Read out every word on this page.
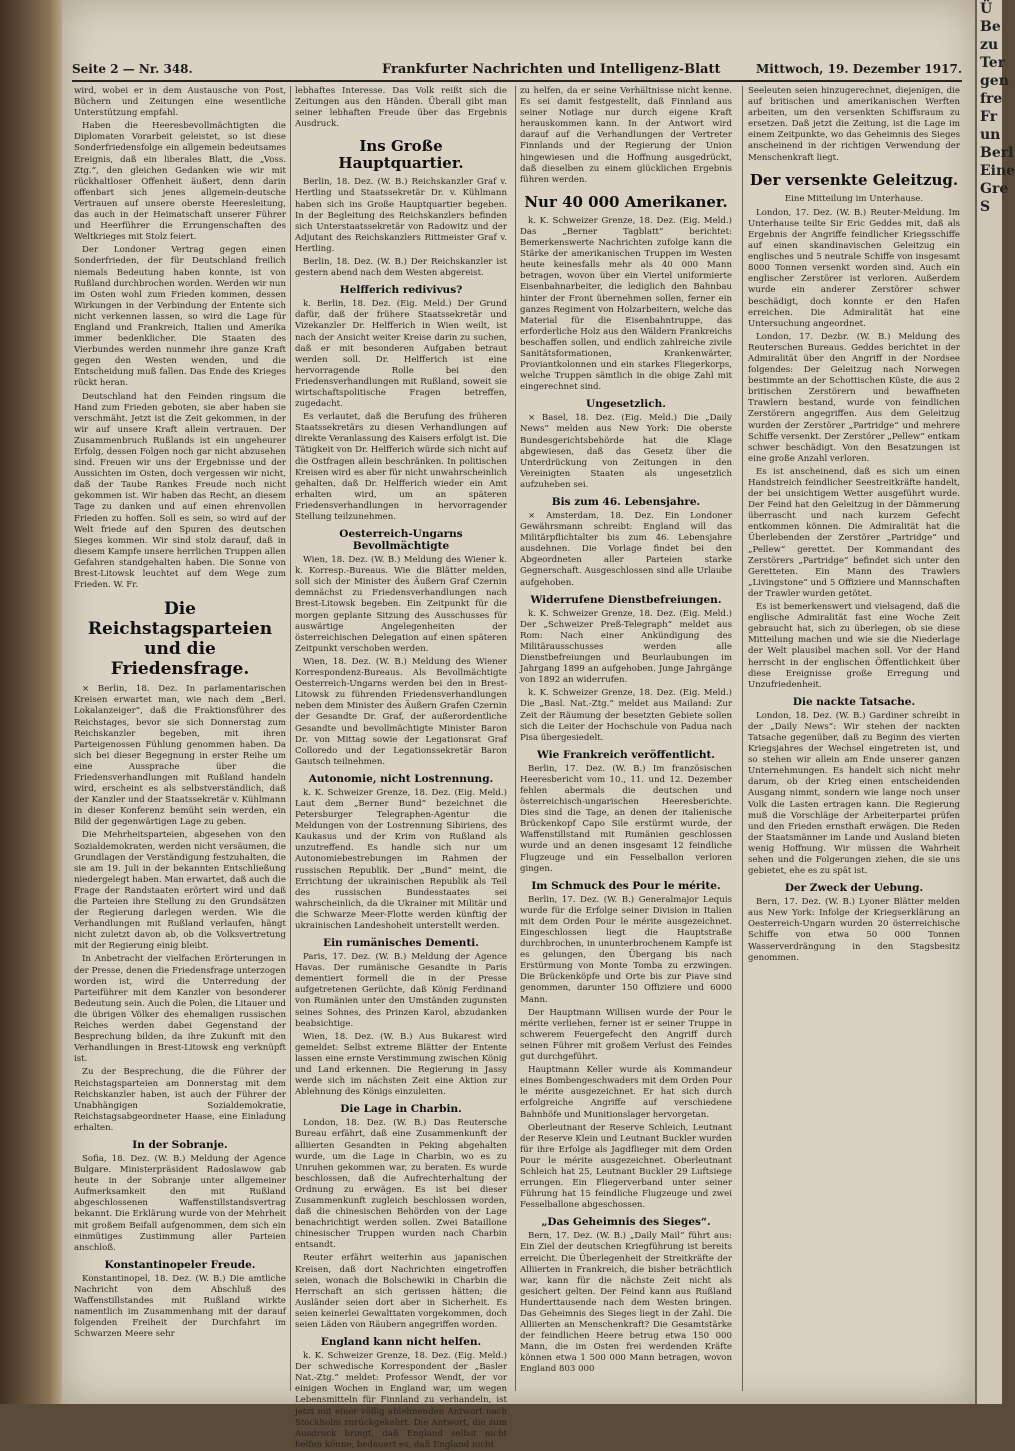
Seite 2 — Nr. 348.	Frankfurter Nachrichten und Intelligenz-Blatt	Mittwoch, 19. Dezember 1917.

wird, wobei er in dem Austausche von Post, Büchern und Zeitungen eine wesentliche Unterstützung empfahl.

Haben die Heeresbevollmächtigten die Diplomaten Vorarbeit geleistet, so ist diese Sonderfriedensfolge ein allgemein bedeutsames Ereignis, daß ein liberales Blatt, die „Voss. Ztg.“, den gleichen Gedanken wie wir mit rückhaltloser Offenheit äußert, denn darin offenbart sich jenes allgemein-deutsche Vertrauen auf unsere oberste Heeresleitung, das auch in der Heimatschaft unserer Führer und Heerführer die Errungenschaften des Weltkrieges mit Stolz feiert.

Der Londoner Vertrag gegen einen Sonderfrieden, der für Deutschland freilich niemals Bedeutung haben konnte, ist von Rußland durchbrochen worden. Werden wir nun im Osten wohl zum Frieden kommen, dessen Wirkungen in der Verbindung der Entente sich nicht verkennen lassen, so wird die Lage für England und Frankreich, Italien und Amerika immer bedenklicher. Die Staaten des Vierbundes werden nunmehr ihre ganze Kraft gegen den Westen wenden, und die Entscheidung muß fallen. Das Ende des Krieges rückt heran.

Deutschland hat den Feinden ringsum die Hand zum Frieden geboten, sie aber haben sie verschmäht. Jetzt ist die Zeit gekommen, in der wir auf unsere Kraft allein vertrauen. Der Zusammenbruch Rußlands ist ein ungeheurer Erfolg, dessen Folgen noch gar nicht abzusehen sind. Freuen wir uns der Ergebnisse und der Aussichten im Osten, doch vergessen wir nicht, daß der Taube Rankes Freude noch nicht gekommen ist. Wir haben das Recht, an diesem Tage zu danken und auf einen ehrenvollen Frieden zu hoffen. Soll es sein, so wird auf der Welt friede auf den Spuren des deutschen Sieges kommen. Wir sind stolz darauf, daß in diesem Kampfe unsere herrlichen Truppen allen Gefahren standgehalten haben. Die Sonne von Brest-Litowsk leuchtet auf dem Wege zum Frieden. W. Fr.

Die Reichstagsparteien und die Friedensfrage.

× Berlin, 18. Dez. In parlamentarischen Kreisen erwartet man, wie nach dem „Berl. Lokalanzeiger“, daß die Fraktionsführer des Reichstages, bevor sie sich Donnerstag zum Reichskanzler begeben, mit ihren Parteigenossen Fühlung genommen haben. Da sich bei dieser Begegnung in erster Reihe um eine Aussprache über die Friedensverhandlungen mit Rußland handeln wird, erscheint es als selbstverständlich, daß der Kanzler und der Staatssekretär v. Kühlmann in dieser Konferenz bemüht sein werden, ein Bild der gegenwärtigen Lage zu geben.

Die Mehrheitsparteien, abgesehen von den Sozialdemokraten, werden nicht versäumen, die Grundlagen der Verständigung festzuhalten, die sie am 19. Juli in der bekannten Entschließung niedergelegt haben. Man erwartet, daß auch die Frage der Randstaaten erörtert wird und daß die Parteien ihre Stellung zu den Grundsätzen der Regierung darlegen werden. Wie die Verhandlungen mit Rußland verlaufen, hängt nicht zuletzt davon ab, ob die Volksvertretung mit der Regierung einig bleibt.

In Anbetracht der vielfachen Erörterungen in der Presse, denen die Friedensfrage unterzogen worden ist, wird die Unterredung der Parteiführer mit dem Kanzler von besonderer Bedeutung sein. Auch die Polen, die Litauer und die übrigen Völker des ehemaligen russischen Reiches werden dabei Gegenstand der Besprechung bilden, da ihre Zukunft mit den Verhandlungen in Brest-Litowsk eng verknüpft ist.

Zu der Besprechung, die die Führer der Reichstagsparteien am Donnerstag mit dem Reichskanzler haben, ist auch der Führer der Unabhängigen Sozialdemokratie, Reichstagsabgeordneter Haase, eine Einladung erhalten.

In der Sobranje.

Sofia, 18. Dez. (W. B.) Meldung der Agence Bulgare. Ministerpräsident Radoslawow gab heute in der Sobranje unter allgemeiner Aufmerksamkeit den mit Rußland abgeschlossenen Waffenstillstandsvertrag bekannt. Die Erklärung wurde von der Mehrheit mit großem Beifall aufgenommen, dem sich ein einmütiges Zustimmung aller Parteien anschloß.

Konstantinopeler Freude.

Konstantinopel, 18. Dez. (W. B.) Die amtliche Nachricht von dem Abschluß des Waffenstillstandes mit Rußland wirkte namentlich im Zusammenhang mit der darauf folgenden Freiheit der Durchfahrt im Schwarzen Meere sehr

lebhaftes Interesse. Das Volk reißt sich die Zeitungen aus den Händen. Überall gibt man seiner lebhaften Freude über das Ergebnis Ausdruck.

Ins Große Hauptquartier.

Berlin, 18. Dez. (W. B.) Reichskanzler Graf v. Hertling und Staatssekretär Dr. v. Kühlmann haben sich ins Große Hauptquartier begeben. In der Begleitung des Reichskanzlers befinden sich Unterstaatssekretär von Radowitz und der Adjutant des Reichskanzlers Rittmeister Graf v. Hertling.

Berlin, 18. Dez. (W. B.) Der Reichskanzler ist gestern abend nach dem Westen abgereist.

Helfferich redivivus?

k. Berlin, 18. Dez. (Eig. Meld.) Der Grund dafür, daß der frühere Staatssekretär und Vizekanzler Dr. Helfferich in Wien weilt, ist nach der Ansicht weiter Kreise darin zu suchen, daß er mit besonderen Aufgaben betraut werden soll. Dr. Helfferich ist eine hervorragende Rolle bei den Friedensverhandlungen mit Rußland, soweit sie wirtschaftspolitische Fragen betreffen, zugedacht.

Es verlautet, daß die Berufung des früheren Staatssekretärs zu diesen Verhandlungen auf direkte Veranlassung des Kaisers erfolgt ist. Die Tätigkeit von Dr. Helfferich würde sich nicht auf die Ostfragen allein beschränken. In politischen Kreisen wird es aber für nicht unwahrscheinlich gehalten, daß Dr. Helfferich wieder ein Amt erhalten wird, um an späteren Friedensverhandlungen in hervorragender Stellung teilzunehmen.

Oesterreich-Ungarns Bevollmächtigte

Wien, 18. Dez. (W. B.) Meldung des Wiener k. k. Korresp.-Bureaus. Wie die Blätter melden, soll sich der Minister des Äußern Graf Czernin demnächst zu Friedensverhandlungen nach Brest-Litowsk begeben. Ein Zeitpunkt für die morgen geplante Sitzung des Ausschusses für auswärtige Angelegenheiten der österreichischen Delegation auf einen späteren Zeitpunkt verschoben werden.

Wien, 18. Dez. (W. B.) Meldung des Wiener Korrespondenz-Bureaus. Als Bevollmächtigte Oesterreich-Ungarns werden bei den in Brest-Litowsk zu führenden Friedensverhandlungen neben dem Minister des Äußern Grafen Czernin der Gesandte Dr. Graf, der außerordentliche Gesandte und bevollmächtigte Minister Baron Dr. von Mittag sowie der Legationsrat Graf Colloredo und der Legationssekretär Baron Gautsch teilnehmen.

Autonomie, nicht Lostrennung.

k. K. Schweizer Grenze, 18. Dez. (Eig. Meld.) Laut dem „Berner Bund“ bezeichnet die Petersburger Telegraphen-Agentur die Meldungen von der Lostrennung Sibiriens, des Kaukasus und der Krim von Rußland als unzutreffend. Es handle sich nur um Autonomiebestrebungen im Rahmen der russischen Republik. Der „Bund“ meint, die Errichtung der ukrainischen Republik als Teil des russischen Bundesstaates sei wahrscheinlich, da die Ukrainer mit Militär und die Schwarze Meer-Flotte werden künftig der ukrainischen Landeshoheit unterstellt werden.

Ein rumänisches Dementi.

Paris, 17. Dez. (W. B.) Meldung der Agence Havas. Der rumänische Gesandte in Paris dementiert formell die in der Presse aufgetretenen Gerüchte, daß König Ferdinand von Rumänien unter den Umständen zugunsten seines Sohnes, des Prinzen Karol, abzudanken beabsichtige.

Wien, 18. Dez. (W. B.) Aus Bukarest wird gemeldet: Selbst extreme Blätter der Entente lassen eine ernste Verstimmung zwischen König und Land erkennen. Die Regierung in Jassy werde sich im nächsten Zeit eine Aktion zur Ablehnung des Königs einzuleiten.

Die Lage in Charbin.

London, 18. Dez. (W. B.) Das Reutersche Bureau erfährt, daß eine Zusammenkunft der alliierten Gesandten in Peking abgehalten wurde, um die Lage in Charbin, wo es zu Unruhen gekommen war, zu beraten. Es wurde beschlossen, daß die Aufrechterhaltung der Ordnung zu erwägen. Es ist bei dieser Zusammenkunft zugleich beschlossen worden, daß die chinesischen Behörden von der Lage benachrichtigt werden sollen. Zwei Bataillone chinesischer Truppen wurden nach Charbin entsandt.

Reuter erfährt weiterhin aus japanischen Kreisen, daß dort Nachrichten eingetroffen seien, wonach die Bolschewiki in Charbin die Herrschaft an sich gerissen hätten; die Ausländer seien dort aber in Sicherheit. Es seien keinerlei Gewalttaten vorgekommen, doch seien Läden von Räubern angegriffen worden.

England kann nicht helfen.

k. K. Schweizer Grenze, 18. Dez. (Eig. Meld.) Der schwedische Korrespondent der „Basler Nat.-Ztg.“ meldet: Professor Wendt, der vor einigen Wochen in England war, um wegen Lebensmitteln für Finnland zu verhandeln, ist jetzt mit einer völlig ablehnenden Antwort nach Stockholm zurückgekehrt. Die Antwort, die zum Ausdruck bringt, daß England selbst nicht helfen könne, bedauert es, daß England nicht

zu helfen, da er seine Verhältnisse nicht kenne. Es sei damit festgestellt, daß Finnland aus seiner Notlage nur durch eigene Kraft herauskommen kann. In der Antwort wird darauf auf die Verhandlungen der Vertreter Finnlands und der Regierung der Union hingewiesen und die Hoffnung ausgedrückt, daß dieselben zu einem glücklichen Ergebnis führen werden.

Nur 40 000 Amerikaner.

k. K. Schweizer Grenze, 18. Dez. (Eig. Meld.) Das „Berner Tagblatt“ berichtet: Bemerkenswerte Nachrichten zufolge kann die Stärke der amerikanischen Truppen im Westen heute keinesfalls mehr als 40 000 Mann betragen, wovon über ein Viertel uniformierte Eisenbahnarbeiter, die lediglich den Bahnbau hinter der Front übernehmen sollen, ferner ein ganzes Regiment von Holzarbeitern, welche das Material für die Eisenbahntruppe, das erforderliche Holz aus den Wäldern Frankreichs beschaffen sollen, und endlich zahlreiche zivile Sanitätsformationen, Krankenwärter, Proviantkolonnen und ein starkes Fliegerkorps, welche Truppen sämtlich in die obige Zahl mit eingerechnet sind.

Ungesetzlich.

× Basel, 18. Dez. (Eig. Meld.) Die „Daily News“ melden aus New York: Die oberste Bundesgerichtsbehörde hat die Klage abgewiesen, daß das Gesetz über die Unterdrückung von Zeitungen in den Vereinigten Staaten als ungesetzlich aufzuheben sei.

Bis zum 46. Lebensjahre.

× Amsterdam, 18. Dez. Ein Londoner Gewährsmann schreibt: England will das Militärpflichtalter bis zum 46. Lebensjahre ausdehnen. Die Vorlage findet bei den Abgeordneten aller Parteien starke Gegnerschaft. Ausgeschlossen sind alle Urlaube aufgehoben.

Widerrufene Dienstbefreiungen.

k. K. Schweizer Grenze, 18. Dez. (Eig. Meld.) Der „Schweizer Preß-Telegraph“ meldet aus Rom: Nach einer Ankündigung des Militärausschusses werden alle Dienstbefreiungen und Beurlaubungen im Jahrgang 1899 an aufgehoben. Junge Jahrgänge von 1892 an widerrufen.

k. K. Schweizer Grenze, 18. Dez. (Eig. Meld.) Die „Basl. Nat.-Ztg.“ meldet aus Mailand: Zur Zeit der Räumung der besetzten Gebiete sollen sich die Leiter der Hochschule von Padua nach Pisa übergesiedelt.

Wie Frankreich veröffentlicht.

Berlin, 17. Dez. (W. B.) Im französischen Heeresbericht vom 10., 11. und 12. Dezember fehlen abermals die deutschen und österreichisch-ungarischen Heeresberichte. Dies sind die Tage, an denen der italienische Brückenkopf Capo Sile erstürmt wurde, der Waffenstillstand mit Rumänien geschlossen wurde und an denen insgesamt 12 feindliche Flugzeuge und ein Fesselballon verloren gingen.

Im Schmuck des Pour le mérite.

Berlin, 17. Dez. (W. B.) Generalmajor Lequis wurde für die Erfolge seiner Division in Italien mit dem Orden Pour le mérite ausgezeichnet. Eingeschlossen liegt die Hauptstraße durchbrochen, in ununterbrochenem Kampfe ist es gelungen, den Übergang bis nach Erstürmung von Monte Tomba zu erzwingen. Die Brückenköpfe und Orte bis zur Piave sind genommen, darunter 150 Offiziere und 6000 Mann.

Der Hauptmann Willisen wurde der Pour le mérite verliehen, ferner ist er seiner Truppe in schwerem Feuergefecht den Angriff durch seinen Führer mit großem Verlust des Feindes gut durchgeführt.

Hauptmann Keller wurde als Kommandeur eines Bombengeschwaders mit dem Orden Pour le mérite ausgezeichnet. Er hat sich durch erfolgreiche Angriffe auf verschiedene Bahnhöfe und Munitionslager hervorgetan.

Oberleutnant der Reserve Schleich, Leutnant der Reserve Klein und Leutnant Buckler wurden für ihre Erfolge als Jagdflieger mit dem Orden Pour le mérite ausgezeichnet. Oberleutnant Schleich hat 25, Leutnant Buckler 29 Luftsiege errungen. Ein Fliegerverband unter seiner Führung hat 15 feindliche Flugzeuge und zwei Fesselballone abgeschossen.

„Das Geheimnis des Sieges“.

Bern, 17. Dez. (W. B.) „Daily Mail“ führt aus: Ein Ziel der deutschen Kriegführung ist bereits erreicht. Die Überlegenheit der Streitkräfte der Alliierten in Frankreich, die bisher beträchtlich war, kann für die nächste Zeit nicht als gesichert gelten. Der Feind kann aus Rußland Hunderttausende nach dem Westen bringen. Das Geheimnis des Sieges liegt in der Zahl. Die Alliierten an Menschenkraft? Die Gesamtstärke der feindlichen Heere betrug etwa 150 000 Mann, die im Osten frei werdenden Kräfte können etwa 1 500 000 Mann betragen, wovon England 803 000

Seeleuten seien hinzugerechnet, diejenigen, die auf britischen und amerikanischen Werften arbeiten, um den versenkten Schiffsraum zu ersetzen. Daß jetzt die Zeitung, ist die Lage im einem Zeitpunkte, wo das Geheimnis des Sieges anscheinend in der richtigen Verwendung der Menschenkraft liegt.

Der versenkte Geleitzug.
Eine Mitteilung im Unterhause.

London, 17. Dez. (W. B.) Reuter-Meldung. Im Unterhause teilte Sir Eric Geddes mit, daß als Ergebnis der Angriffe feindlicher Kriegsschiffe auf einen skandinavischen Geleitzug ein englisches und 5 neutrale Schiffe von insgesamt 8000 Tonnen versenkt worden sind. Auch ein englischer Zerstörer ist verloren. Außerdem wurde ein anderer Zerstörer schwer beschädigt, doch konnte er den Hafen erreichen. Die Admiralität hat eine Untersuchung angeordnet.

London, 17. Dezbr. (W. B.) Meldung des Reuterschen Bureaus. Geddes berichtet in der Admiralität über den Angriff in der Nordsee folgendes: Der Geleitzug nach Norwegen bestimmte an der Schottischen Küste, die aus 2 britischen Zerstörern und bewaffneten Trawlern bestand, wurde von feindlichen Zerstörern angegriffen. Aus dem Geleitzug wurden der Zerstörer „Partridge“ und mehrere Schiffe versenkt. Der Zerstörer „Pellew“ entkam schwer beschädigt. Von den Besatzungen ist eine große Anzahl verloren.

Es ist anscheinend, daß es sich um einen Handstreich feindlicher Seestreitkräfte handelt, der bei unsichtigem Wetter ausgeführt wurde. Der Feind hat den Geleitzug in der Dämmerung überrascht und nach kurzem Gefecht entkommen können. Die Admiralität hat die Überlebenden der Zerstörer „Partridge“ und „Pellew“ gerettet. Der Kommandant des Zerstörers „Partridge“ befindet sich unter den Geretteten. Ein Mann des Trawlers „Livingstone“ und 5 Offiziere und Mannschaften der Trawler wurden getötet.

Es ist bemerkenswert und vielsagend, daß die englische Admiralität fast eine Woche Zeit gebraucht hat, sich zu überlegen, ob sie diese Mitteilung machen und wie sie die Niederlage der Welt plausibel machen soll. Vor der Hand herrscht in der englischen Öffentlichkeit über diese Ereignisse große Erregung und Unzufriedenheit.

Die nackte Tatsache.

London, 18. Dez. (W. B.) Gardiner schreibt in der „Daily News“: Wir stehen der nackten Tatsache gegenüber, daß zu Beginn des vierten Kriegsjahres der Wechsel eingetreten ist, und so stehen wir allein am Ende unserer ganzen Unternehmungen. Es handelt sich nicht mehr darum, ob der Krieg einen entscheidenden Ausgang nimmt, sondern wie lange noch unser Volk die Lasten ertragen kann. Die Regierung muß die Vorschläge der Arbeiterpartei prüfen und den Frieden ernsthaft erwägen. Die Reden der Staatsmänner im Lande und Ausland bieten wenig Hoffnung. Wir müssen die Wahrheit sehen und die Folgerungen ziehen, die sie uns gebietet, ehe es zu spät ist.

Der Zweck der Uebung.

Bern, 17. Dez. (W. B.) Lyoner Blätter melden aus New York: Infolge der Kriegserklärung an Oesterreich-Ungarn wurden 20 österreichische Schiffe von etwa 50 000 Tonnen Wasserverdrängung in den Stagsbesitz genommen.

Ü
Be
zu
Ter
gen
fre
Fr
un
Berl
Eine
Gre
S
